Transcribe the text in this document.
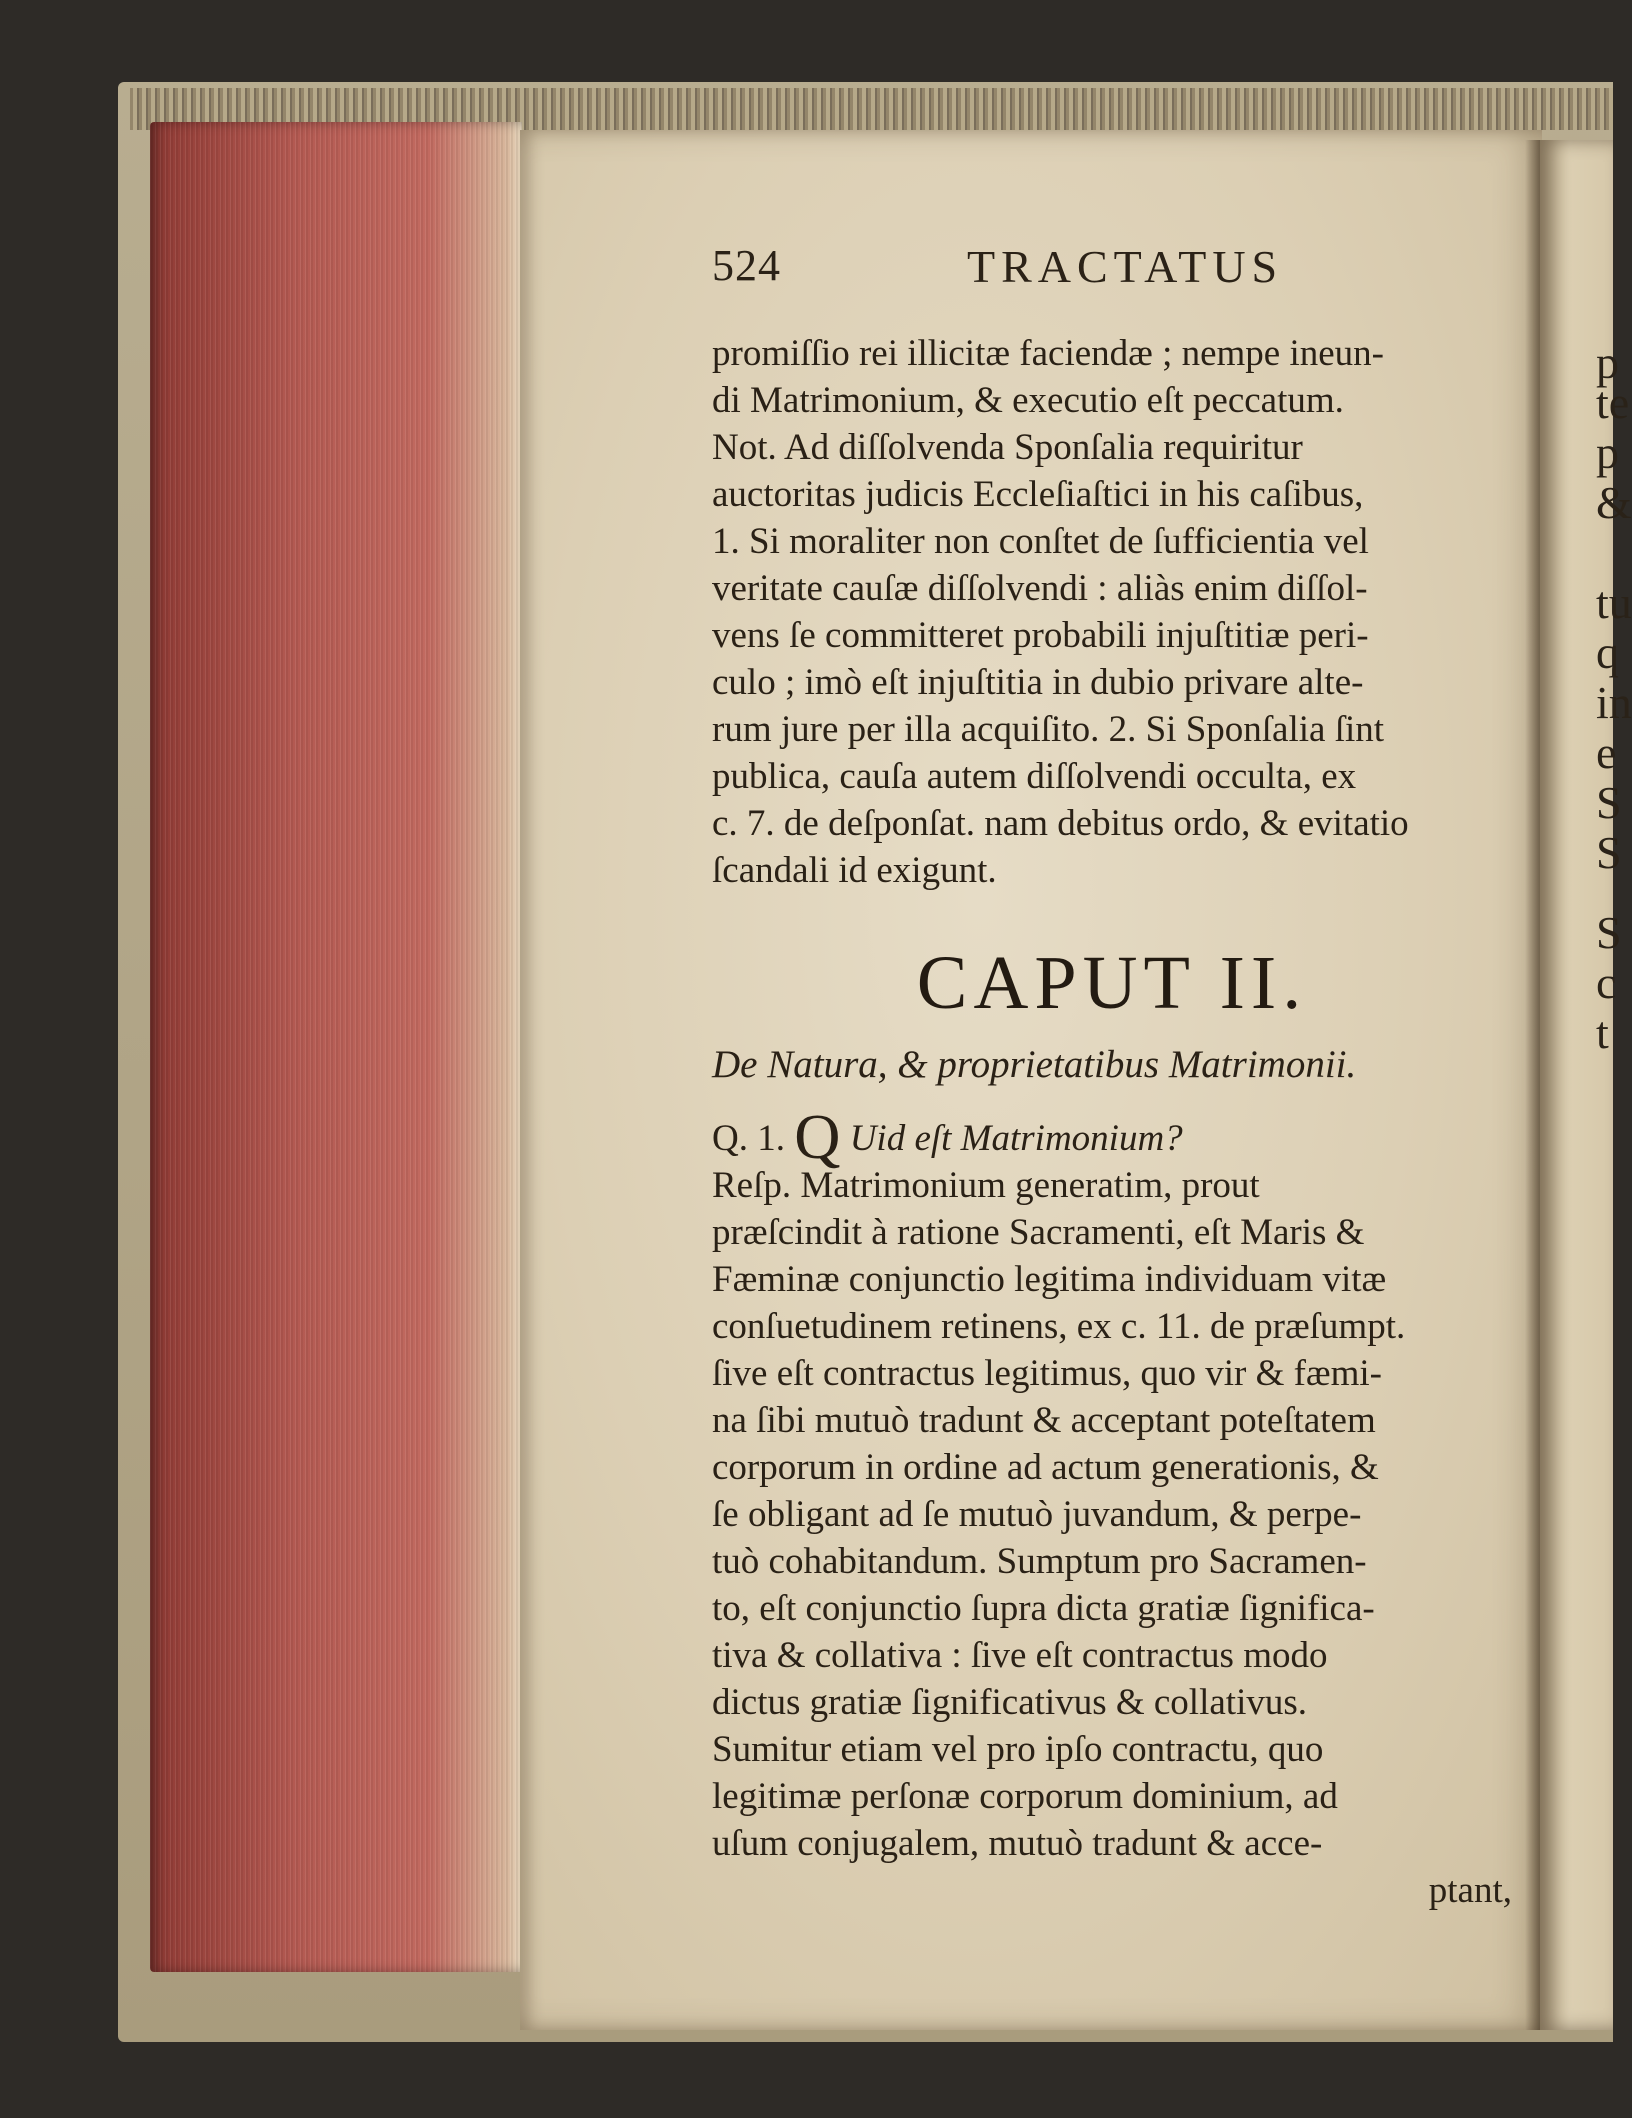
p
te
p
&
tu
q
in
e
S
S
S
c
t
524	TRACTATUS
promiſſio rei illicitæ faciendæ ; nempe ineun-
di Matrimonium, & executio eſt peccatum.
Not. Ad diſſolvenda Sponſalia requiritur
auctoritas judicis Eccleſiaſtici in his caſibus,
1. Si moraliter non conſtet de ſufficientia vel
veritate cauſæ diſſolvendi : aliàs enim diſſol-
vens ſe committeret probabili injuſtitiæ peri-
culo ; imò eſt injuſtitia in dubio privare alte-
rum jure per illa acquiſito. 2. Si Sponſalia ſint
publica, cauſa autem diſſolvendi occulta, ex
c. 7. de deſponſat. nam debitus ordo, & evitatio
ſcandali id exigunt.
CAPUT II.
De Natura, & proprietatibus Matrimonii.
Q. 1. Q Uid eſt Matrimonium?
Reſp. Matrimonium generatim, prout
præſcindit à ratione Sacramenti, eſt Maris &
Fæminæ conjunctio legitima individuam vitæ
conſuetudinem retinens, ex c. 11. de præſumpt.
ſive eſt contractus legitimus, quo vir & fæmi-
na ſibi mutuò tradunt & acceptant poteſtatem
corporum in ordine ad actum generationis, &
ſe obligant ad ſe mutuò juvandum, & perpe-
tuò cohabitandum. Sumptum pro Sacramen-
to, eſt conjunctio ſupra dicta gratiæ ſignifica-
tiva & collativa : ſive eſt contractus modo
dictus gratiæ ſignificativus & collativus.
Sumitur etiam vel pro ipſo contractu, quo
legitimæ perſonæ corporum dominium, ad
uſum conjugalem, mutuò tradunt & acce-
ptant,
